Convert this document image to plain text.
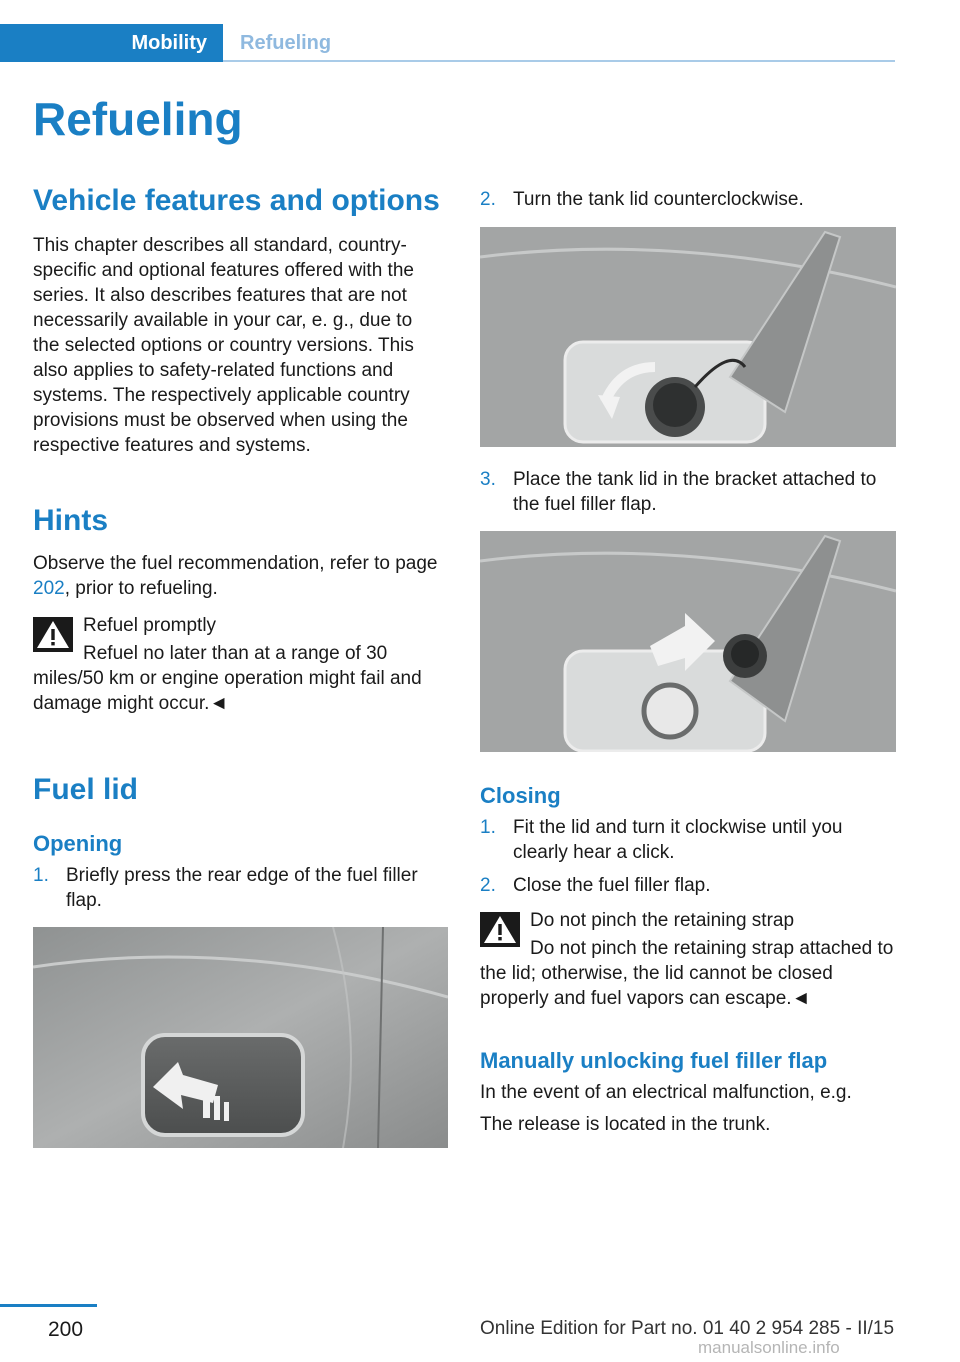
Mobility	Refueling
Refueling
Vehicle features and options

This chapter describes all standard, country-specific and optional features offered with the series. It also describes features that are not necessarily available in your car, e. g., due to the selected options or country versions. This also applies to safety-related functions and systems. The respectively applicable country provisions must be observed when using the respective features and systems.

Hints

Observe the fuel recommendation, refer to page 202, prior to refueling.

Refuel promptly
Refuel no later than at a range of 30 miles/50 km or engine operation might fail and damage might occur.◄
Fuel lid
Opening
1. Briefly press the rear edge of the fuel filler flap.
2. Turn the tank lid counterclockwise.
3. Place the tank lid in the bracket attached to the fuel filler flap.
Closing
1. Fit the lid and turn it clockwise until you clearly hear a click.
2. Close the fuel filler flap.
Do not pinch the retaining strap
Do not pinch the retaining strap attached to the lid; otherwise, the lid cannot be closed properly and fuel vapors can escape.◄
Manually unlocking fuel filler flap

In the event of an electrical malfunction, e.g.

The release is located in the trunk.

200	Online Edition for Part no. 01 40 2 954 285 - II/15
manualsonline.info
